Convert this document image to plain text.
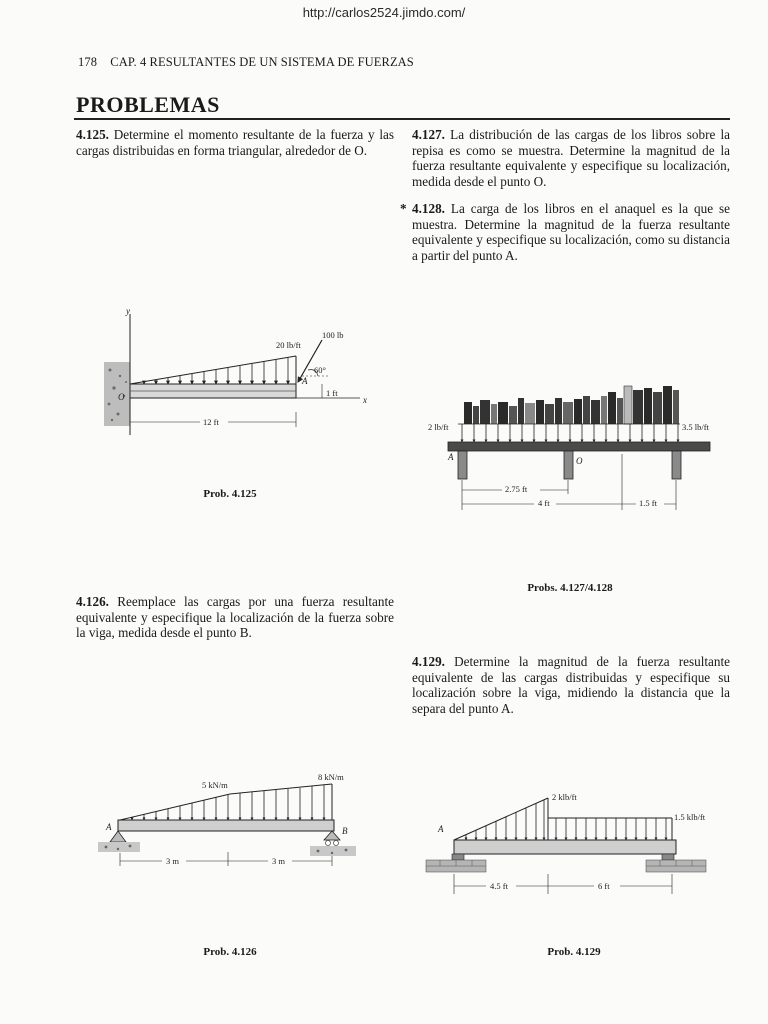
http://carlos2524.jimdo.com/
178 CAP. 4 RESULTANTES DE UN SISTEMA DE FUERZAS
PROBLEMAS
4.125. Determine el momento resultante de la fuerza y las cargas distribuidas en forma triangular, alrededor de O.
4.127. La distribución de las cargas de los libros sobre la repisa es como se muestra. Determine la magnitud de la fuerza resultante equivalente y especifique su localización, medida desde el punto O.
* 4.128. La carga de los libros en el anaquel es la que se muestra. Determine la magnitud de la fuerza resultante equivalente y especifique su localización, como su distancia a partir del punto A.
4.126. Reemplace las cargas por una fuerza resultante equivalente y especifique la localización de la fuerza sobre la viga, medida desde el punto B.
4.129. Determine la magnitud de la fuerza resultante equivalente de las cargas distribuidas y especifique su localización sobre la viga, midiendo la distancia que la separa del punto A.
y
x
O
20 lb/ft
100 lb
60°
A
1 ft
12 ft
Prob. 4.125
2 lb/ft	3.5 lb/ft
A	O
2.75 ft
4 ft	1.5 ft
Probs. 4.127/4.128
5 kN/m
8 kN/m
A	B
3 m	3 m
Prob. 4.126
2 klb/ft
1.5 klb/ft
A
4.5 ft	6 ft
Prob. 4.129
